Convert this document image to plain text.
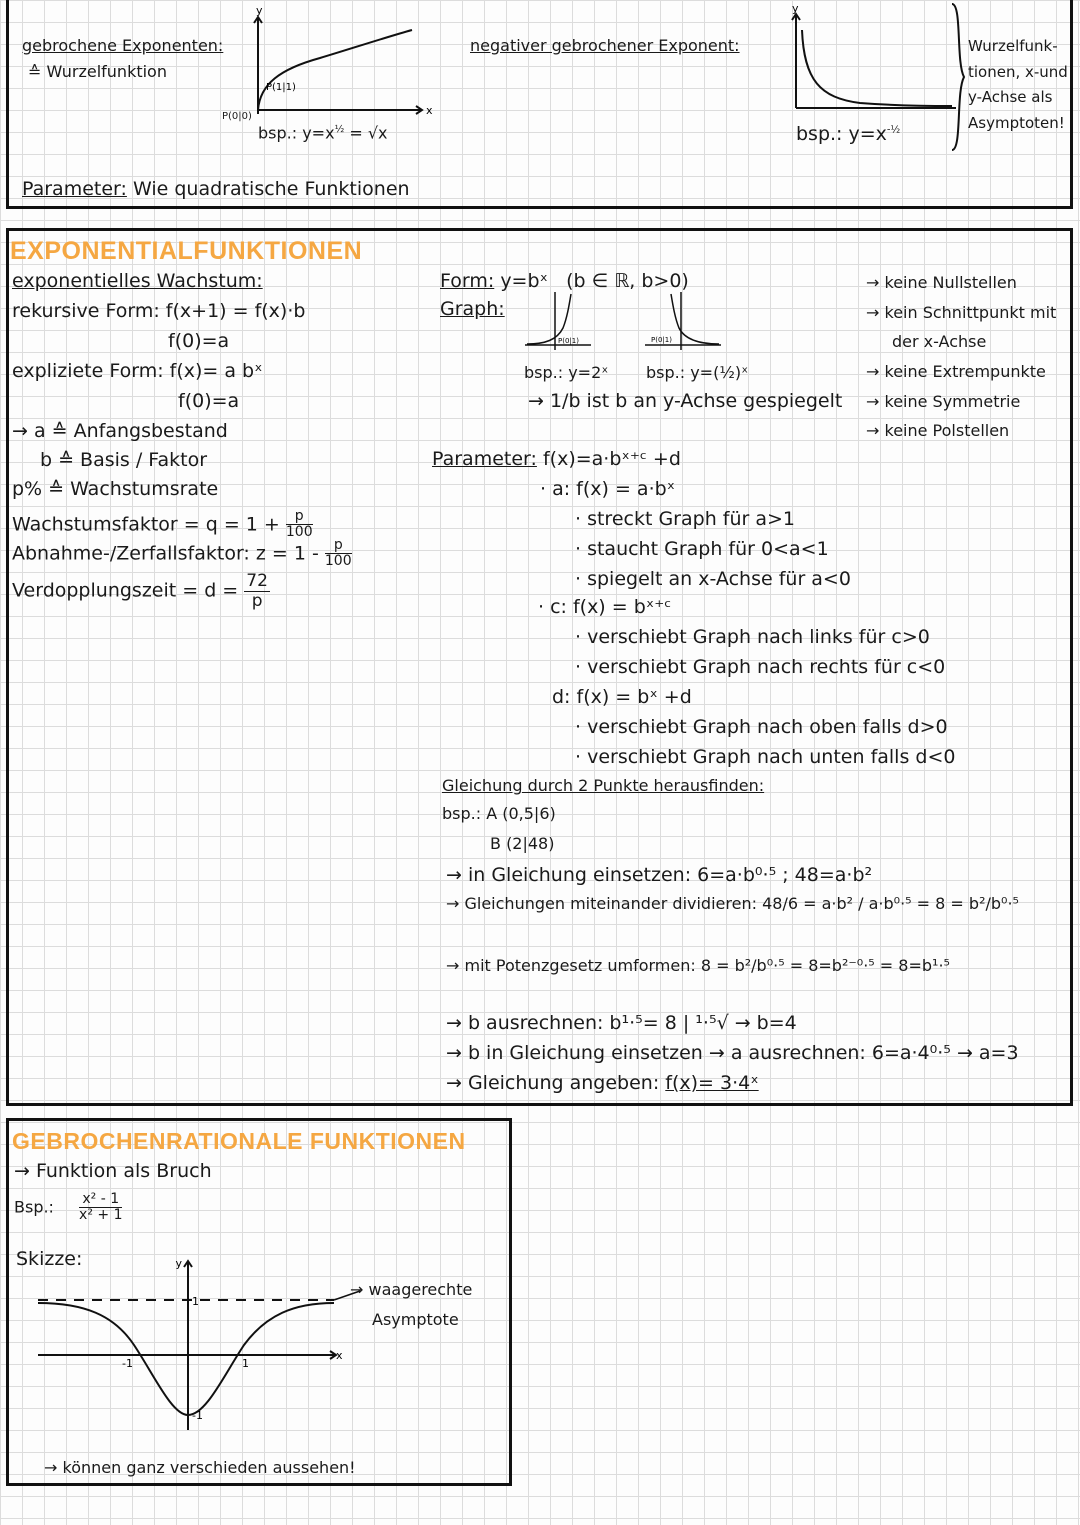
gebrochene Exponenten:
≙ Wurzelfunktion
P(1|1)
y
x
P(0|0)
bsp.: $y=x^{\frac{1}{2}} = √x$
negativer gebrochener Exponent:
y
bsp.: $y=x^{-\frac{1}{2}}$
Wurzelfunk-
tionen, x-und
y-Achse als
Asymptoten!
Parameter: Wie quadratische Funktionen
EXPONENTIALFUNKTIONEN
exponentielles Wachstum:
rekursive Form: f(x+1) = f(x)·b
f(0)=a
expliziete Form: f(x)= a bˣ
f(0)=a
→ a ≙ Anfangsbestand
b ≙ Basis / Faktor
p% ≙ Wachstumsrate
Wachstumsfaktor = $q = 1 + \frac{p}{100}$
Abnahme-/Zerfallsfaktor: $z = 1 - \frac{p}{100}$
Verdopplungszeit = $d = \frac{72}{p}$
Form: y=bˣ (b ∈ ℝ, b>0)
Graph:
P(0|1)	P(0|1)
bsp.: y=2ˣ bsp.: y=(½)ˣ
→ 1/b ist b an y-Achse gespiegelt
→ keine Nullstellen
→ kein Schnittpunkt mit
der x-Achse
→ keine Extrempunkte
→ keine Symmetrie
→ keine Polstellen
Parameter: f(x)=a·bˣ⁺ᶜ +d
· a: f(x) = a·bˣ
· streckt Graph für a>1
· staucht Graph für 0<a<1
· spiegelt an x-Achse für a<0
· c: f(x) = bˣ⁺ᶜ
· verschiebt Graph nach links für c>0
· verschiebt Graph nach rechts für c<0
d: f(x) = bˣ +d
· verschiebt Graph nach oben falls d>0
· verschiebt Graph nach unten falls d<0
Gleichung durch 2 Punkte herausfinden:
bsp.: A (0,5|6)
B (2|48)
→ in Gleichung einsetzen: 6=a·b⁰·⁵ ; 48=a·b²
→ Gleichungen miteinander dividieren: 48/6 = a·b² / a·b⁰·⁵ = 8 = b²/b⁰·⁵
→ mit Potenzgesetz umformen: 8 = b²/b⁰·⁵ = 8=b²⁻⁰·⁵ = 8=b¹·⁵
→ b ausrechnen: b¹·⁵= 8 | ¹·⁵√ → b=4
→ b in Gleichung einsetzen → a ausrechnen: 6=a·4⁰·⁵ → a=3
→ Gleichung angeben: f(x)= 3·4ˣ
GEBROCHENRATIONALE FUNKTIONEN
→ Funktion als Bruch
Bsp.: $\frac{\text{x² - 1}}{\text{x² + 1}}$
Skizze:	y
x
-1	1
-1
1
→ waagerechte
Asymptote
→ können ganz verschieden aussehen!
